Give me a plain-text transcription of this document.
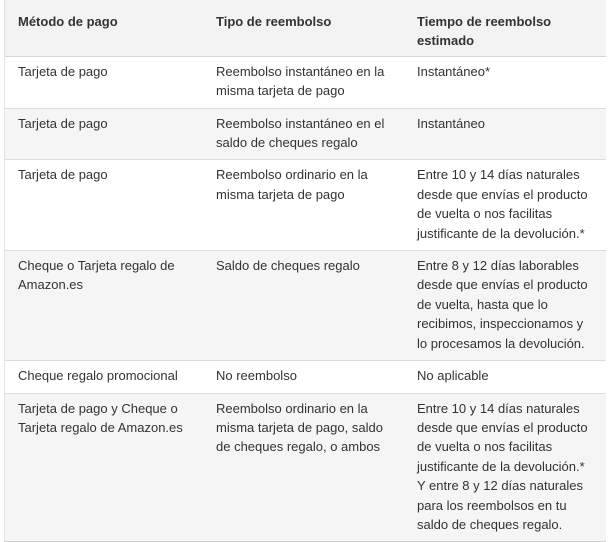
Método de pago	Tipo de reembolso	Tiempo de reembolso estimado
Tarjeta de pago	Reembolso instantáneo en la misma tarjeta de pago	Instantáneo*
Tarjeta de pago	Reembolso instantáneo en el saldo de cheques regalo	Instantáneo
Tarjeta de pago	Reembolso ordinario en la misma tarjeta de pago	Entre 10 y 14 días naturales desde que envías el producto de vuelta o nos facilitas justificante de la devolución.*
Cheque o Tarjeta regalo de Amazon.es	Saldo de cheques regalo	Entre 8 y 12 días laborables desde que envías el producto de vuelta, hasta que lo recibimos, inspeccionamos y lo procesamos la devolución.
Cheque regalo promocional	No reembolso	No aplicable
Tarjeta de pago y Cheque o Tarjeta regalo de Amazon.es	Reembolso ordinario en la misma tarjeta de pago, saldo de cheques regalo, o ambos	Entre 10 y 14 días naturales desde que envías el producto de vuelta o nos facilitas justificante de la devolución.* Y entre 8 y 12 días naturales para los reembolsos en tu saldo de cheques regalo.
